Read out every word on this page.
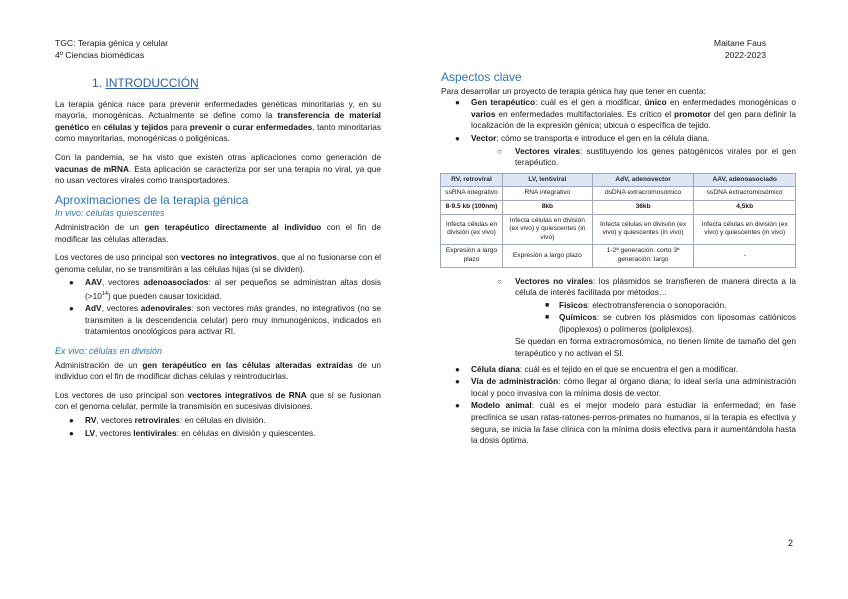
TGC: Terapia génica y celular
4º Ciencias biomédicas
Maitane Faus
2022-2023
1. INTRODUCCIÓN

La terapia génica nace para prevenir enfermedades genéticas minoritarias y, en su mayoría, monogénicas. Actualmente se define como la transferencia de material genético en células y tejidos para prevenir o curar enfermedades, tanto minoritarias como mayoritarias, monogénicas o poligénicas.

Con la pandemia, se ha visto que existen otras aplicaciones como generación de vacunas de mRNA. Esta aplicación se caracteriza por ser una terapia no viral, ya que no usan vectores virales como transportadores.

Aproximaciones de la terapia génica
In vivo: células quiescentes

Administración de un gen terapéutico directamente al individuo con el fin de modificar las células alteradas.

Los vectores de uso principal son vectores no integrativos, que al no fusionarse con el genoma celular, no se transmitirán a las células hijas (si se dividen).

● AAV, vectores adenoasociados: al ser pequeños se administran altas dosis $(>10^{14})$ que pueden causar toxicidad.
● AdV, vectores adenovirales: son vectores más grandes, no integrativos (no se transmiten a la descendencia celular) pero muy inmunogénicos, indicados en tratamientos oncológicos para activar RI.
Ex vivo: células en división

Administración de un gen terapéutico en las células alteradas extraídas de un individuo con el fin de modificar dichas células y reintroducirlas.

Los vectores de uso principal son vectores integrativos de RNA que sí se fusionan con el genoma celular, permite la transmisión en sucesivas divisiones.

● RV, vectores retrovirales: en células en división.
● LV, vectores lentivirales: en células en división y quiescentes.
Aspectos clave
Para desarrollar un proyecto de terapia génica hay que tener en cuenta:
● Gen terapéutico: cuál es el gen a modificar, único en enfermedades monogénicas o varios en enfermedades multifactoriales. Es crítico el promotor del gen para definir la localización de la expresión génica; ubicua o específica de tejido.
● Vector: cómo se transporta e introduce el gen en la célula diana.
○ Vectores virales: sustituyendo los genes patogénicos virales por el gen terapéutico.
RV, retroviral	LV, lentiviral	AdV, adenovector	AAV, adenoasociado
ssRNA integrativo	RNA integrativo	dsDNA extracromosómico	ssDNA extracromosómico
8-9.5 kb (100nm)	8kb	36kb	4,5kb
Infecta células en división (ex vivo)	Infecta células en división (ex vivo) y quiescentes (in vivo)	Infecta células en división (ex vivo) y quiescentes (in vivo)	Infecta células en división (ex vivo) y quiescentes (in vivo)
Expresión a largo plazo	Expresión a largo plazo	1-2ª generación: corto 3ª generación: largo	-
○ Vectores no virales: los plásmidos se transfieren de manera directa a la célula de interés facilitada por métodos…
■ Físicos: electrotransferencia o sonoporación.
■ Químicos: se cubren los plásmidos con liposomas catiónicos (lipoplexos) o polímeros (poliplexos).
Se quedan en forma extracromosómica, no tienen límite de tamaño del gen terapéutico y no activan el SI.
● Célula diana: cuál es el tejido en el que se encuentra el gen a modificar.
● Vía de administración: cómo llegar al órgano diana; lo ideal sería una administración local y poco invasiva con la mínima dosis de vector.
● Modelo animal: cuál es el mejor modelo para estudiar la enfermedad; en fase preclínica se usan ratas-ratones-perros-primates no humanos, si la terapia es efectiva y segura, se inicia la fase clínica con la mínima dosis efectiva para ir aumentándola hasta la dosis óptima.
2
